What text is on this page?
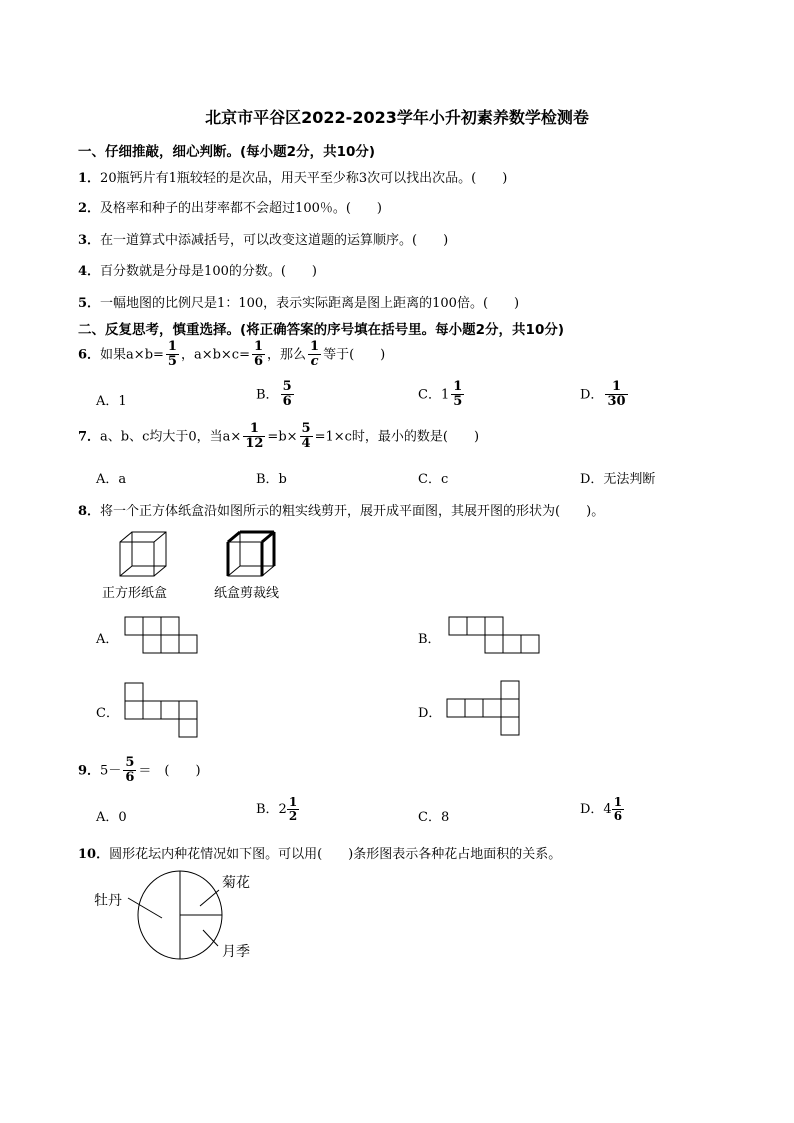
北京市平谷区2022-2023学年小升初素养数学检测卷
一、仔细推敲，细心判断。(每小题2分，共10分)
1．20瓶钙片有1瓶较轻的是次品，用天平至少称3次可以找出次品。(　　)
2．及格率和种子的出芽率都不会超过100％。(　　)
3．在一道算式中添减括号，可以改变这道题的运算顺序。(　　)
4．百分数就是分母是100的分数。(　　)
5．一幅地图的比例尺是1：100，表示实际距离是图上距离的100倍。(　　)
二、反复思考，慎重选择。(将正确答案的序号填在括号里。每小题2分，共10分)
6．如果$a\times b= \frac{1}{5}$ ，$a\times b\times c= \frac{1}{6}$ ，那么 $\frac{1}{c}$ 等于(　　)
A．1	B． $\frac{5}{6}$	C．$1 \frac{1}{5}$	D． $\frac{1}{30}$
7．a、b、c均大于0，当$a\times \frac{1}{12} =b\times \frac{5}{4} =1\times c$时，最小的数是(　　)
A．a	B．b	C．c	D．无法判断
8．将一个正方体纸盒沿如图所示的粗实线剪开，展开成平面图，其展开图的形状为(　　)。
正方形纸盒	纸盒剪裁线
A．	B．
C．	D．
9．$5- \frac{5}{6}$ ＝　(　　)
A．0
B．$2 \frac{1}{2}$	C．8
D．$4 \frac{1}{6}$
10．圆形花坛内种花情况如下图。可以用(　　)条形图表示各种花占地面积的关系。
牡丹
菊花
月季
